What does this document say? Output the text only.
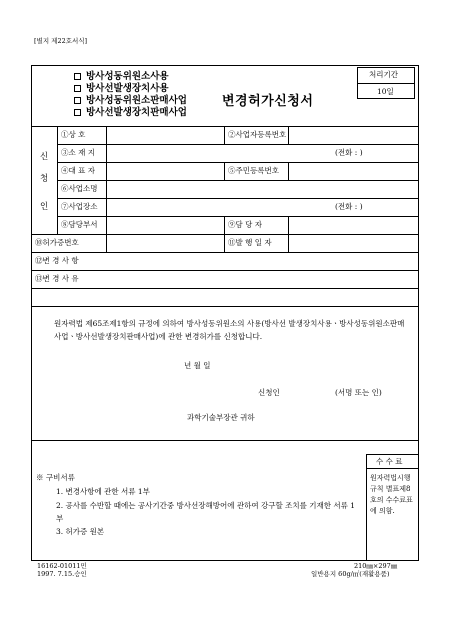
[별지 제22호서식]
방사성동위원소사용
방사선발생장치사용
방사성동위원소판매사업
방사선발생장치판매사업
변경허가신청서
처리기간
10일
신
청
인
①상 호	②사업자등록번호
③소 재 지	(전화 : )
④대 표 자	⑤주민등록번호
⑥사업소명
⑦사업장소	(전화 : )
⑧담당부서	⑨담 당 자
⑩허가증번호	⑪발 행 일 자
⑫변 경 사 항
⑬변 경 사 유
원자력법 제65조제1항의 규정에 의하여 방사성동위원소의 사용(방사선 발생장치사용ㆍ방사성동위원소판매사업ㆍ방사선발생장치판매사업)에 관한 변경허가를 신청합니다.
년 월 일
신청인	(서명 또는 인)
과학기술부장관 귀하
수 수 료
원자력법시행규칙 별표제8호의 수수료표에 의함.
※ 구비서류
1. 변경사항에 관한 서류 1부
2. 공사를 수반할 때에는 공사기간중 방사선장해방어에 관하여 강구할 조치를 기재한 서류 1부
3. 허가증 원본
16162-01011민
1997. 7.15.승인
210㎜×297㎜
일반용지 60g/㎡(재활용품)
